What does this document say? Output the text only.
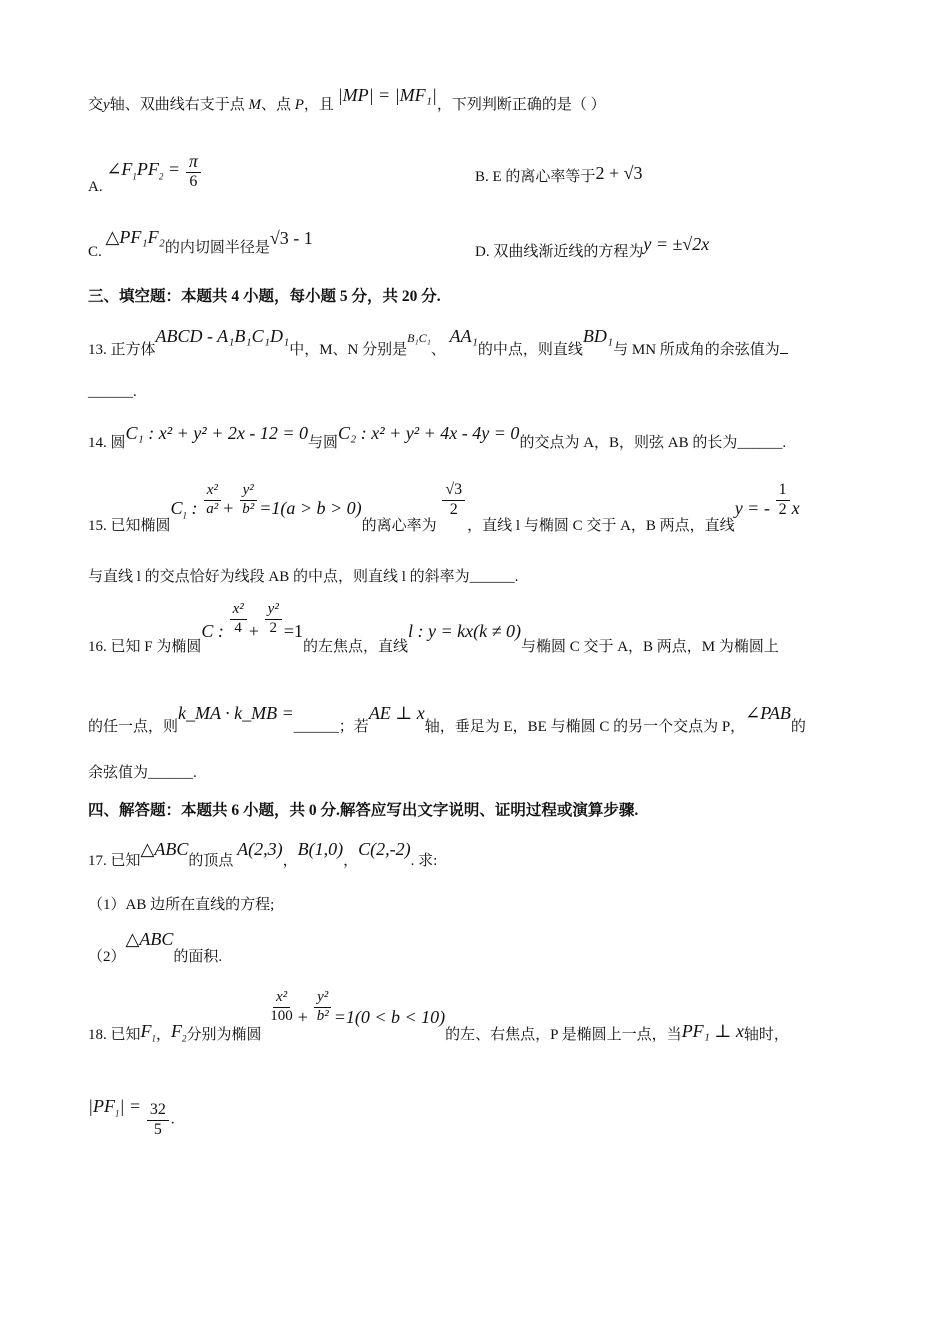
交y轴、双曲线右支于点 M、点 P，且 |MP| = |MF₁|，下列判断正确的是（ ）
A. $\angle F_1PF_2 = \frac{\pi}{6}$	B. E 的离心率等于2 + √3
C. △PF₁F₂的内切圆半径是√3 - 1
D. 双曲线渐近线的方程为y = ±√2x
三、填空题：本题共 4 小题，每小题 5 分，共 20 分.
13. 正方体ABCD - A₁B₁C₁D₁中，M、N 分别是B₁C₁、 AA₁的中点，则直线BD₁与 MN 所成角的余弦值为
______.
14. 圆C₁ : x² + y² + 2x - 12 = 0与圆C₂ : x² + y² + 4x - 4y = 0的交点为 A，B，则弦 AB 的长为______.
15. 已知椭圆$C_1$ : $\frac{\text{x²}}{\text{a²}} + \frac{\text{y²}}{\text{b²}} =1(a > b > 0)$的离心率为
$\frac{√3}{2}$
，直线 l 与椭圆 C 交于 A，B 两点，直线y = - $\frac{1}{2}$ x
与直线 l 的交点恰好为线段 AB 的中点，则直线 l 的斜率为______.
16. 已知 F 为椭圆C : $\frac{\text{x²}}{4} + \frac{\text{y²}}{2} =1$的左焦点，直线l : y = kx(k ≠ 0)与椭圆 C 交于 A，B 两点，M 为椭圆上
的任一点，则k_MA · k_MB =______；若AE ⊥ x轴，垂足为 E，BE 与椭圆 C 的另一个交点为 P，∠PAB的
余弦值为______.
四、解答题：本题共 6 小题，共 0 分.解答应写出文字说明、证明过程或演算步骤.
17. 已知△ABC的顶点 A(2,3)，B(1,0)，C(2,-2). 求:
（1）AB 边所在直线的方程;
（2）△ABC的面积.
18. 已知$F_1$，$F_2$分别为椭圆
$\frac{\text{x²}}{100} + \frac{\text{y²}}{\text{b²}} =1(0 < b < 10)$的左、右焦点，P 是椭圆上一点，当PF₁ ⊥ x轴时，
$|PF_1| = \frac{32}{5}$ .
